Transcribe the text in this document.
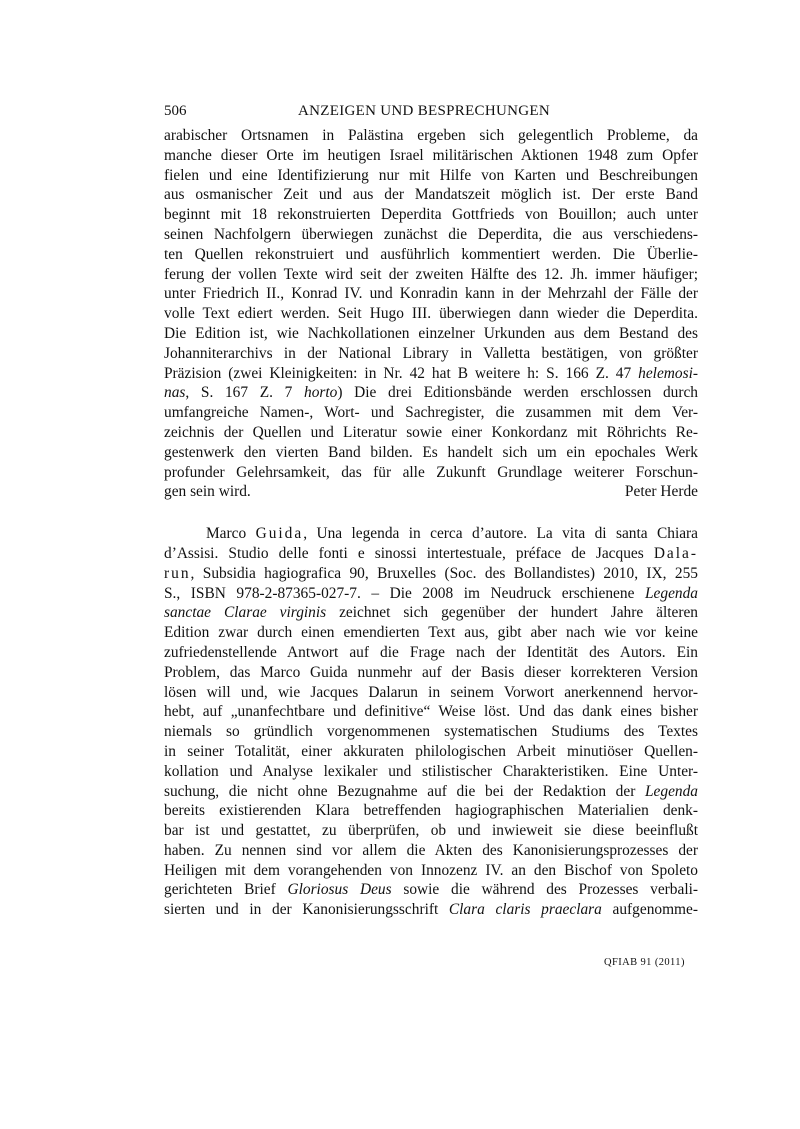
506	ANZEIGEN UND BESPRECHUNGEN
arabischer Ortsnamen in Palästina ergeben sich gelegentlich Probleme, da
manche dieser Orte im heutigen Israel militärischen Aktionen 1948 zum Opfer
fielen und eine Identifizierung nur mit Hilfe von Karten und Beschreibungen
aus osmanischer Zeit und aus der Mandatszeit möglich ist. Der erste Band
beginnt mit 18 rekonstruierten Deperdita Gottfrieds von Bouillon; auch unter
seinen Nachfolgern überwiegen zunächst die Deperdita, die aus verschiedens-
ten Quellen rekonstruiert und ausführlich kommentiert werden. Die Überlie-
ferung der vollen Texte wird seit der zweiten Hälfte des 12. Jh. immer häufiger;
unter Friedrich II., Konrad IV. und Konradin kann in der Mehrzahl der Fälle der
volle Text ediert werden. Seit Hugo III. überwiegen dann wieder die Deperdita.
Die Edition ist, wie Nachkollationen einzelner Urkunden aus dem Bestand des
Johanniterarchivs in der National Library in Valletta bestätigen, von größter
Präzision (zwei Kleinigkeiten: in Nr. 42 hat B weitere h: S. 166 Z. 47 helemosi-
nas, S. 167 Z. 7 horto) Die drei Editionsbände werden erschlossen durch
umfangreiche Namen-, Wort- und Sachregister, die zusammen mit dem Ver-
zeichnis der Quellen und Literatur sowie einer Konkordanz mit Röhrichts Re-
gestenwerk den vierten Band bilden. Es handelt sich um ein epochales Werk
profunder Gelehrsamkeit, das für alle Zukunft Grundlage weiterer Forschun-
gen sein wird.	Peter Herde
Marco Guida, Una legenda in cerca d’autore. La vita di santa Chiara
d’Assisi. Studio delle fonti e sinossi intertestuale, préface de Jacques Dala-
run, Subsidia hagiografica 90, Bruxelles (Soc. des Bollandistes) 2010, IX, 255
S., ISBN 978-2-87365-027-7. – Die 2008 im Neudruck erschienene Legenda
sanctae Clarae virginis zeichnet sich gegenüber der hundert Jahre älteren
Edition zwar durch einen emendierten Text aus, gibt aber nach wie vor keine
zufriedenstellende Antwort auf die Frage nach der Identität des Autors. Ein
Problem, das Marco Guida nunmehr auf der Basis dieser korrekteren Version
lösen will und, wie Jacques Dalarun in seinem Vorwort anerkennend hervor-
hebt, auf „unanfechtbare und definitive“ Weise löst. Und das dank eines bisher
niemals so gründlich vorgenommenen systematischen Studiums des Textes
in seiner Totalität, einer akkuraten philologischen Arbeit minutiöser Quellen-
kollation und Analyse lexikaler und stilistischer Charakteristiken. Eine Unter-
suchung, die nicht ohne Bezugnahme auf die bei der Redaktion der Legenda
bereits existierenden Klara betreffenden hagiographischen Materialien denk-
bar ist und gestattet, zu überprüfen, ob und inwieweit sie diese beeinflußt
haben. Zu nennen sind vor allem die Akten des Kanonisierungsprozesses der
Heiligen mit dem vorangehenden von Innozenz IV. an den Bischof von Spoleto
gerichteten Brief Gloriosus Deus sowie die während des Prozesses verbali-
sierten und in der Kanonisierungsschrift Clara claris praeclara aufgenomme-
QFIAB 91 (2011)
